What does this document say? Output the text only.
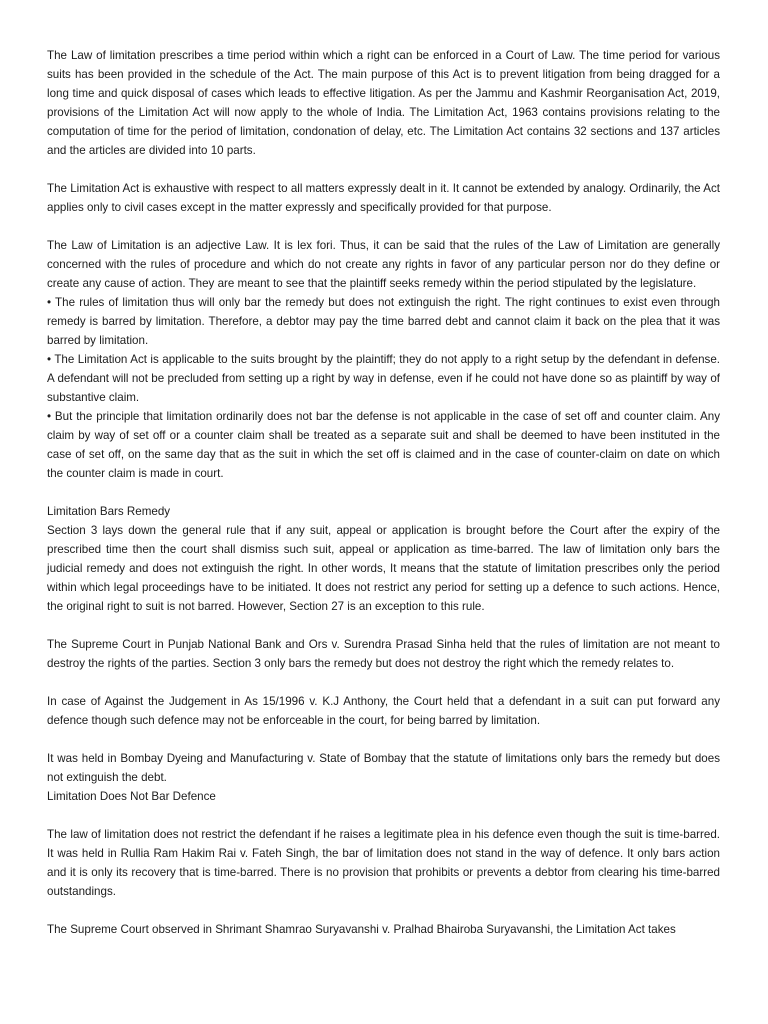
The Law of limitation prescribes a time period within which a right can be enforced in a Court of Law. The time period for various suits has been provided in the schedule of the Act. The main purpose of this Act is to prevent litigation from being dragged for a long time and quick disposal of cases which leads to effective litigation. As per the Jammu and Kashmir Reorganisation Act, 2019, provisions of the Limitation Act will now apply to the whole of India. The Limitation Act, 1963 contains provisions relating to the computation of time for the period of limitation, condonation of delay, etc. The Limitation Act contains 32 sections and 137 articles and the articles are divided into 10 parts.

The Limitation Act is exhaustive with respect to all matters expressly dealt in it. It cannot be extended by analogy. Ordinarily, the Act applies only to civil cases except in the matter expressly and specifically provided for that purpose.

The Law of Limitation is an adjective Law. It is lex fori. Thus, it can be said that the rules of the Law of Limitation are generally concerned with the rules of procedure and which do not create any rights in favor of any particular person nor do they define or create any cause of action. They are meant to see that the plaintiff seeks remedy within the period stipulated by the legislature.

• The rules of limitation thus will only bar the remedy but does not extinguish the right. The right continues to exist even through remedy is barred by limitation. Therefore, a debtor may pay the time barred debt and cannot claim it back on the plea that it was barred by limitation.

• The Limitation Act is applicable to the suits brought by the plaintiff; they do not apply to a right setup by the defendant in defense. A defendant will not be precluded from setting up a right by way in defense, even if he could not have done so as plaintiff by way of substantive claim.

• But the principle that limitation ordinarily does not bar the defense is not applicable in the case of set off and counter claim. Any claim by way of set off or a counter claim shall be treated as a separate suit and shall be deemed to have been instituted in the case of set off, on the same day that as the suit in which the set off is claimed and in the case of counter-claim on date on which the counter claim is made in court.

Limitation Bars Remedy

Section 3 lays down the general rule that if any suit, appeal or application is brought before the Court after the expiry of the prescribed time then the court shall dismiss such suit, appeal or application as time-barred. The law of limitation only bars the judicial remedy and does not extinguish the right. In other words, It means that the statute of limitation prescribes only the period within which legal proceedings have to be initiated. It does not restrict any period for setting up a defence to such actions. Hence, the original right to suit is not barred. However, Section 27 is an exception to this rule.

The Supreme Court in Punjab National Bank and Ors v. Surendra Prasad Sinha held that the rules of limitation are not meant to destroy the rights of the parties. Section 3 only bars the remedy but does not destroy the right which the remedy relates to.

In case of Against the Judgement in As 15/1996 v. K.J Anthony, the Court held that a defendant in a suit can put forward any defence though such defence may not be enforceable in the court, for being barred by limitation.

It was held in Bombay Dyeing and Manufacturing v. State of Bombay that the statute of limitations only bars the remedy but does not extinguish the debt.

Limitation Does Not Bar Defence

The law of limitation does not restrict the defendant if he raises a legitimate plea in his defence even though the suit is time-barred. It was held in Rullia Ram Hakim Rai v. Fateh Singh, the bar of limitation does not stand in the way of defence. It only bars action and it is only its recovery that is time-barred. There is no provision that prohibits or prevents a debtor from clearing his time-barred outstandings.

The Supreme Court observed in Shrimant Shamrao Suryavanshi v. Pralhad Bhairoba Suryavanshi, the Limitation Act takes
